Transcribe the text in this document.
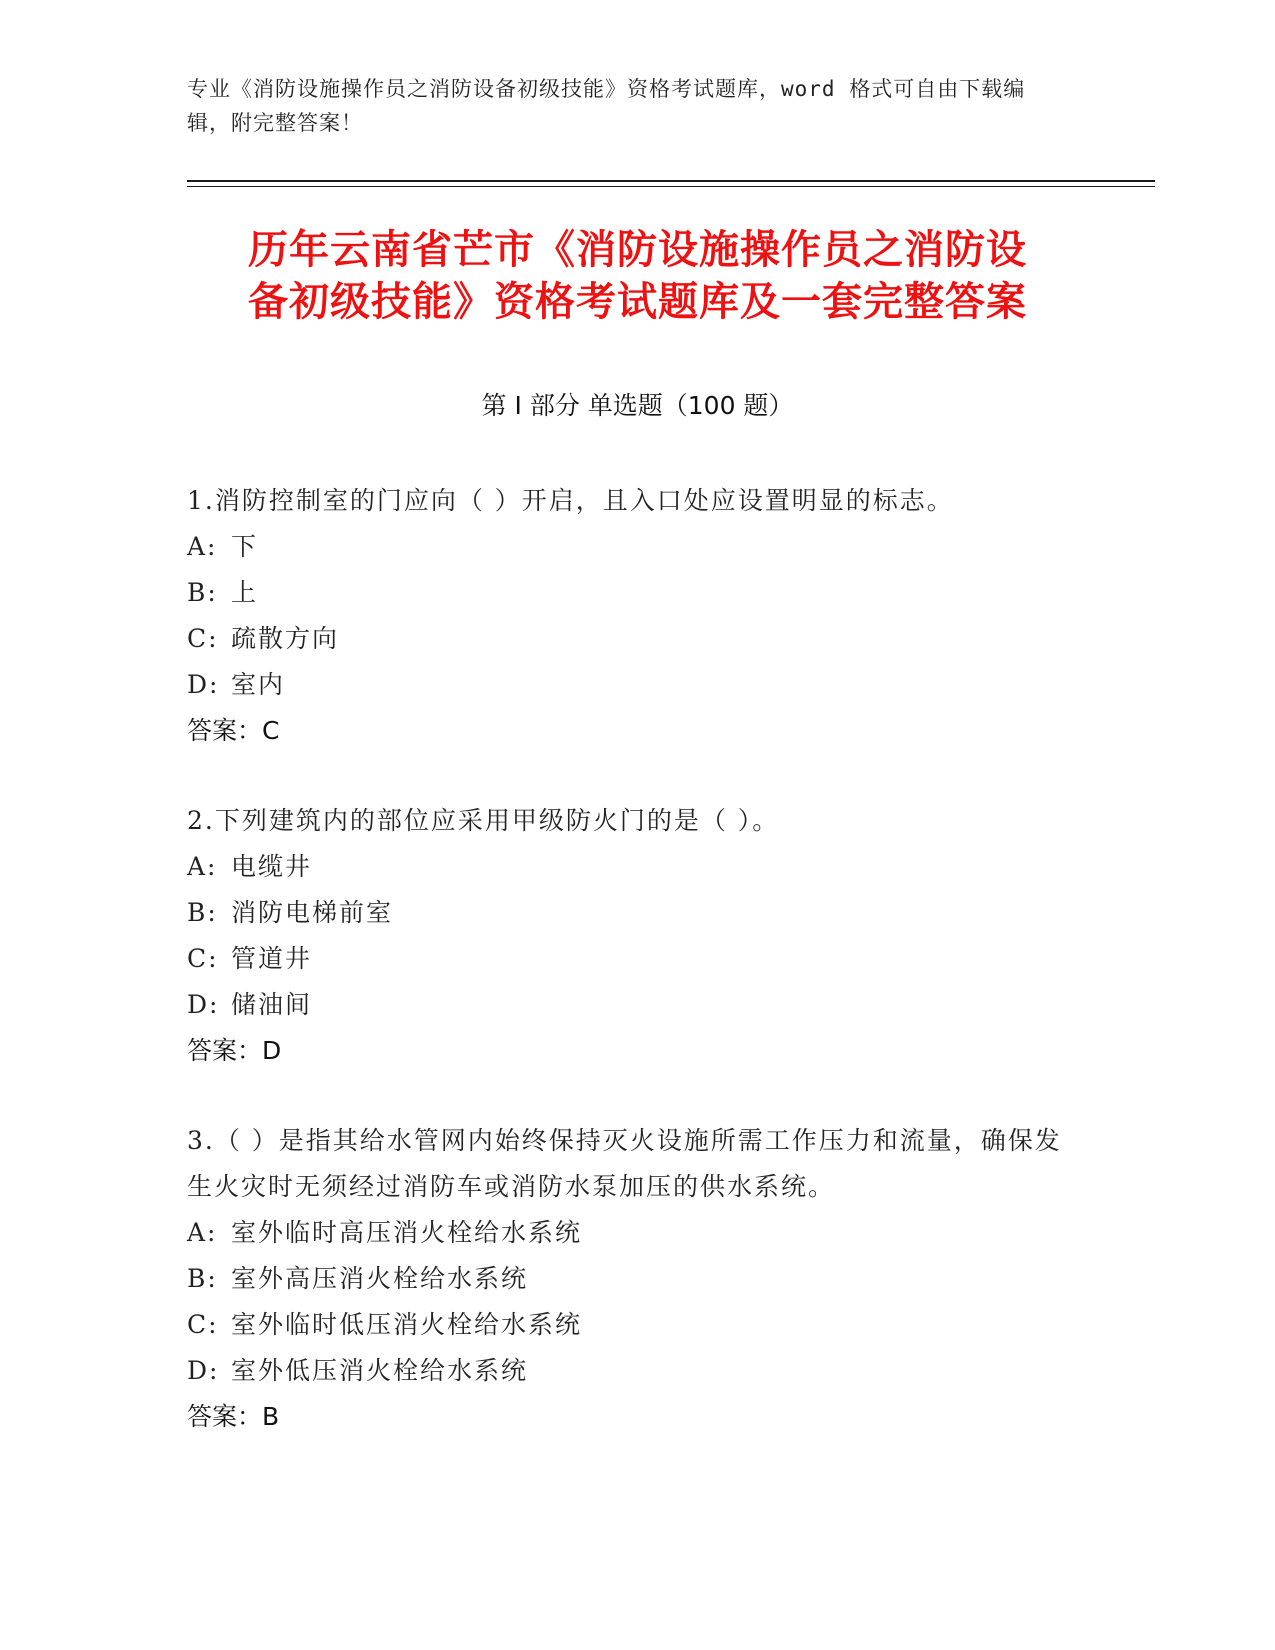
专业《消防设施操作员之消防设备初级技能》资格考试题库，word 格式可自由下载编辑，附完整答案！
历年云南省芒市《消防设施操作员之消防设
备初级技能》资格考试题库及一套完整答案
第 I 部分 单选题（100 题）
1.消防控制室的门应向（ ）开启，且入口处应设置明显的标志。
A: 下
B: 上
C: 疏散方向
D: 室内
答案：C
2.下列建筑内的部位应采用甲级防火门的是（ ）。
A: 电缆井
B: 消防电梯前室
C: 管道井
D: 储油间
答案：D
3.（ ）是指其给水管网内始终保持灭火设施所需工作压力和流量，确保发生火灾时无须经过消防车或消防水泵加压的供水系统。
A: 室外临时高压消火栓给水系统
B: 室外高压消火栓给水系统
C: 室外临时低压消火栓给水系统
D: 室外低压消火栓给水系统
答案：B
